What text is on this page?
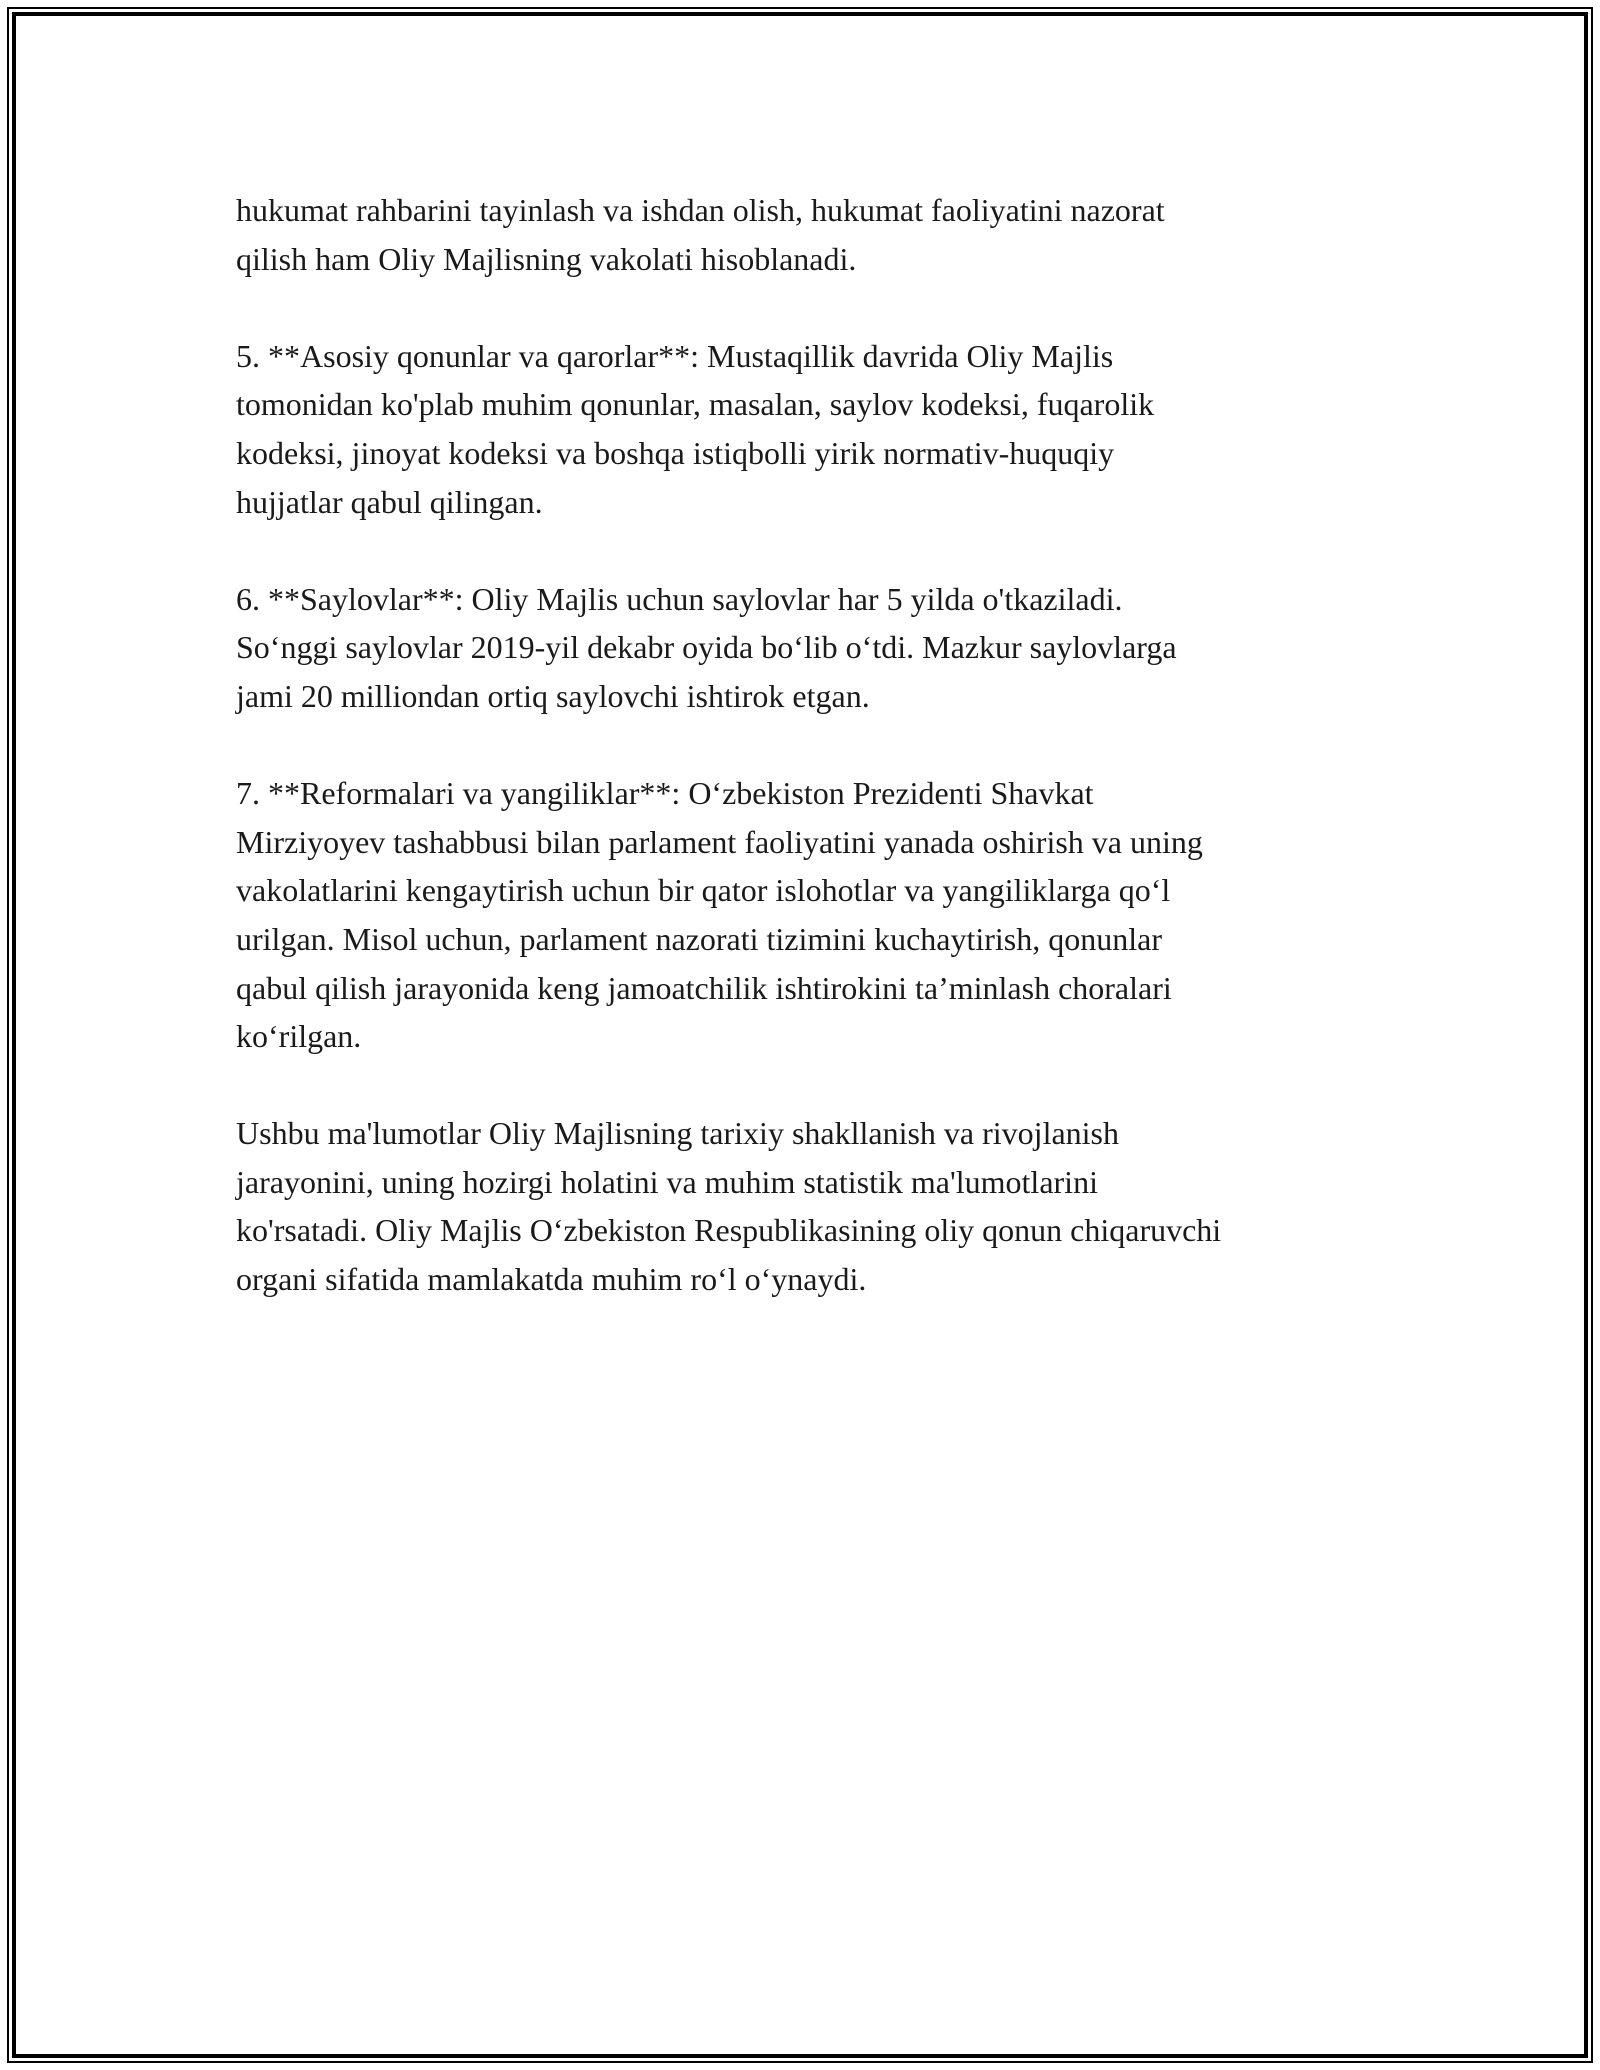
hukumat rahbarini tayinlash va ishdan olish, hukumat faoliyatini nazorat
qilish ham Oliy Majlisning vakolati hisoblanadi.

5. **Asosiy qonunlar va qarorlar**: Mustaqillik davrida Oliy Majlis
tomonidan ko'plab muhim qonunlar, masalan, saylov kodeksi, fuqarolik
kodeksi, jinoyat kodeksi va boshqa istiqbolli yirik normativ-huquqiy
hujjatlar qabul qilingan.

6. **Saylovlar**: Oliy Majlis uchun saylovlar har 5 yilda o'tkaziladi.
So‘nggi saylovlar 2019-yil dekabr oyida bo‘lib o‘tdi. Mazkur saylovlarga
jami 20 milliondan ortiq saylovchi ishtirok etgan.

7. **Reformalari va yangiliklar**: O‘zbekiston Prezidenti Shavkat
Mirziyoyev tashabbusi bilan parlament faoliyatini yanada oshirish va uning
vakolatlarini kengaytirish uchun bir qator islohotlar va yangiliklarga qo‘l
urilgan. Misol uchun, parlament nazorati tizimini kuchaytirish, qonunlar
qabul qilish jarayonida keng jamoatchilik ishtirokini ta’minlash choralari
ko‘rilgan.

Ushbu ma'lumotlar Oliy Majlisning tarixiy shakllanish va rivojlanish
jarayonini, uning hozirgi holatini va muhim statistik ma'lumotlarini
ko'rsatadi. Oliy Majlis O‘zbekiston Respublikasining oliy qonun chiqaruvchi
organi sifatida mamlakatda muhim ro‘l o‘ynaydi.
